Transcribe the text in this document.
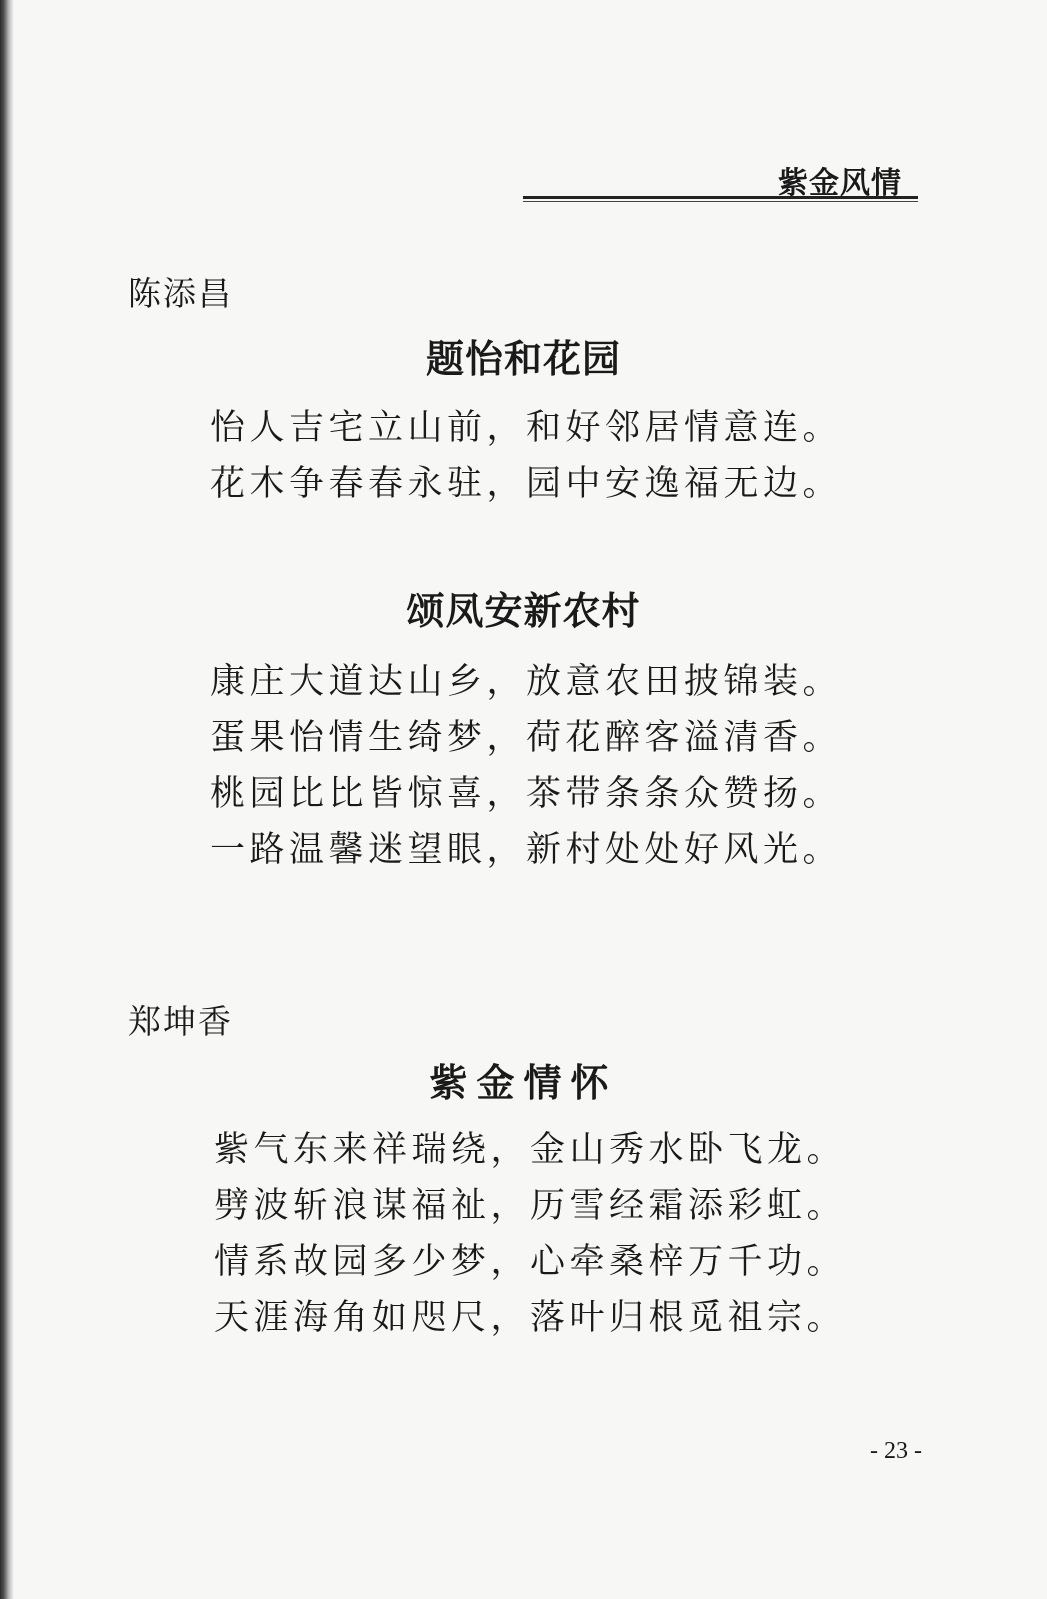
紫金风情
陈添昌
题怡和花园
怡人吉宅立山前，和好邻居情意连。
花木争春春永驻，园中安逸福无边。
颂凤安新农村
康庄大道达山乡，放意农田披锦装。
蛋果怡情生绮梦，荷花醉客溢清香。
桃园比比皆惊喜，茶带条条众赞扬。
一路温馨迷望眼，新村处处好风光。
郑坤香
紫金情怀
紫气东来祥瑞绕，金山秀水卧飞龙。
劈波斩浪谋福祉，历雪经霜添彩虹。
情系故园多少梦，心牵桑梓万千功。
天涯海角如咫尺，落叶归根觅祖宗。
- 23 -
